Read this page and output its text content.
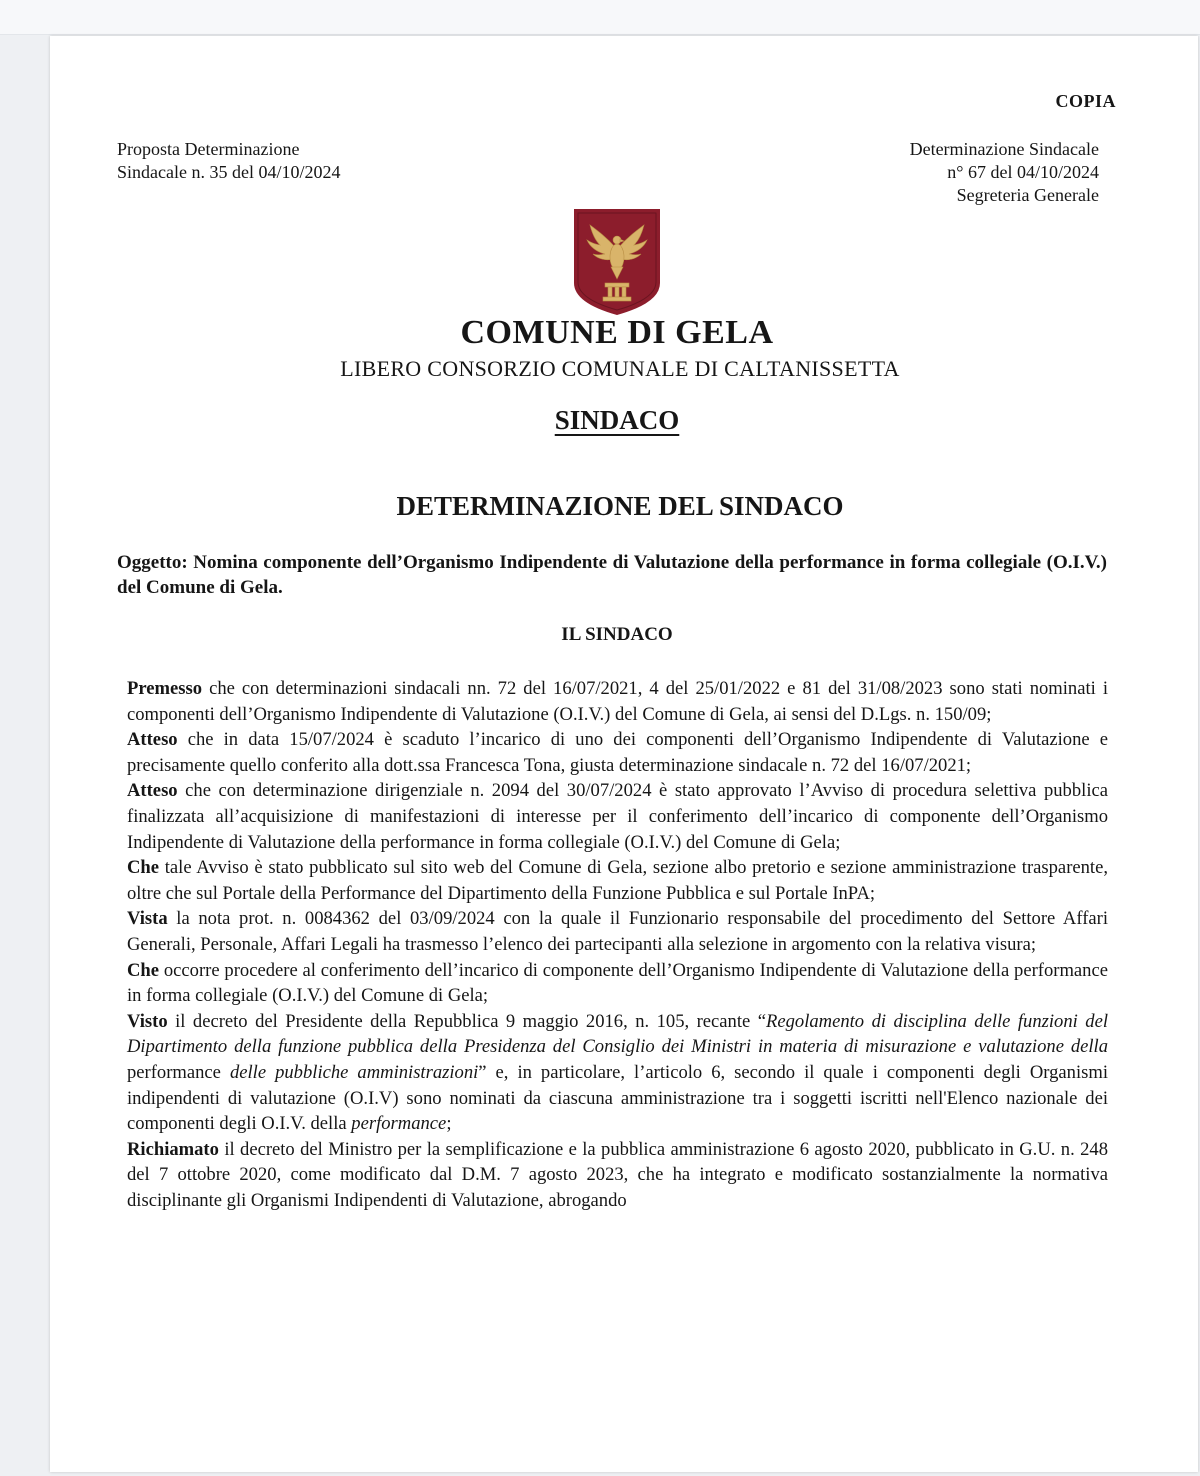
COPIA
Proposta Determinazione
Sindacale n. 35 del 04/10/2024
Determinazione Sindacale
n° 67 del 04/10/2024
Segreteria Generale
COMUNE DI GELA
LIBERO CONSORZIO COMUNALE DI CALTANISSETTA
SINDACO
DETERMINAZIONE DEL SINDACO
Oggetto: Nomina componente dell’Organismo Indipendente di Valutazione della performance in forma collegiale (O.I.V.) del Comune di Gela.
IL SINDACO

Premesso che con determinazioni sindacali nn. 72 del 16/07/2021, 4 del 25/01/2022 e 81 del 31/08/2023 sono stati nominati i componenti dell’Organismo Indipendente di Valutazione (O.I.V.) del Comune di Gela, ai sensi del D.Lgs. n. 150/09;

Atteso che in data 15/07/2024 è scaduto l’incarico di uno dei componenti dell’Organismo Indipendente di Valutazione e precisamente quello conferito alla dott.ssa Francesca Tona, giusta determinazione sindacale n. 72 del 16/07/2021;

Atteso che con determinazione dirigenziale n. 2094 del 30/07/2024 è stato approvato l’Avviso di procedura selettiva pubblica finalizzata all’acquisizione di manifestazioni di interesse per il conferimento dell’incarico di componente dell’Organismo Indipendente di Valutazione della performance in forma collegiale (O.I.V.) del Comune di Gela;

Che tale Avviso è stato pubblicato sul sito web del Comune di Gela, sezione albo pretorio e sezione amministrazione trasparente, oltre che sul Portale della Performance del Dipartimento della Funzione Pubblica e sul Portale InPA;

Vista la nota prot. n. 0084362 del 03/09/2024 con la quale il Funzionario responsabile del procedimento del Settore Affari Generali, Personale, Affari Legali ha trasmesso l’elenco dei partecipanti alla selezione in argomento con la relativa visura;

Che occorre procedere al conferimento dell’incarico di componente dell’Organismo Indipendente di Valutazione della performance in forma collegiale (O.I.V.) del Comune di Gela;

Visto il decreto del Presidente della Repubblica 9 maggio 2016, n. 105, recante “Regolamento di disciplina delle funzioni del Dipartimento della funzione pubblica della Presidenza del Consiglio dei Ministri in materia di misurazione e valutazione della performance delle pubbliche amministrazioni” e, in particolare, l’articolo 6, secondo il quale i componenti degli Organismi indipendenti di valutazione (O.I.V) sono nominati da ciascuna amministrazione tra i soggetti iscritti nell'Elenco nazionale dei componenti degli O.I.V. della performance;

Richiamato il decreto del Ministro per la semplificazione e la pubblica amministrazione 6 agosto 2020, pubblicato in G.U. n. 248 del 7 ottobre 2020, come modificato dal D.M. 7 agosto 2023, che ha integrato e modificato sostanzialmente la normativa disciplinante gli Organismi Indipendenti di Valutazione, abrogando
